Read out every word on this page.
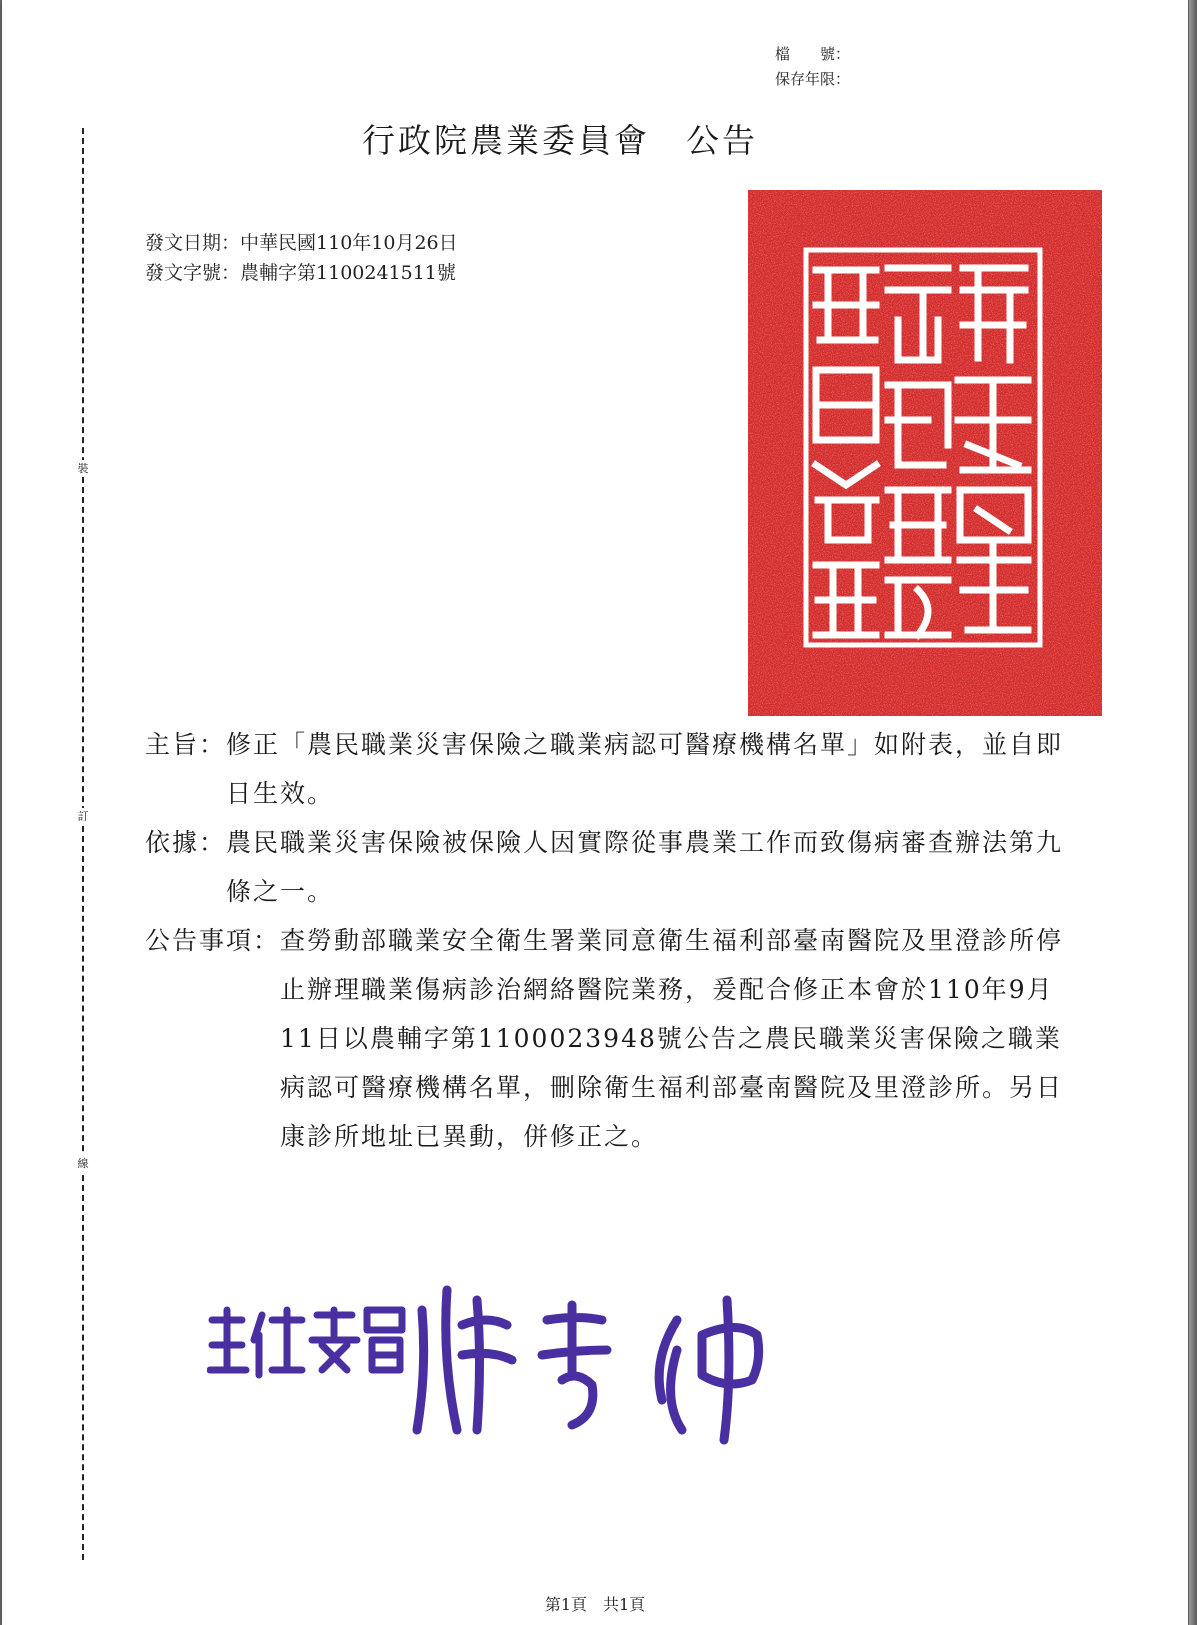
檔　　號：
保存年限：
裝
訂
線
行政院農業委員會　公告
發文日期：中華民國110年10月26日
發文字號：農輔字第1100241511號
主旨： 修正「農民職業災害保險之職業病認可醫療機構名單」如附表，並自即日生效。
依據： 農民職業災害保險被保險人因實際從事農業工作而致傷病審查辦法第九條之一。
公告事項： 查勞動部職業安全衛生署業同意衛生福利部臺南醫院及里澄診所停止辦理職業傷病診治網絡醫院業務，爰配合修正本會於110年9月11日以農輔字第1100023948號公告之農民職業災害保險之職業病認可醫療機構名單，刪除衛生福利部臺南醫院及里澄診所。另日康診所地址已異動，併修正之。
第1頁　共1頁
